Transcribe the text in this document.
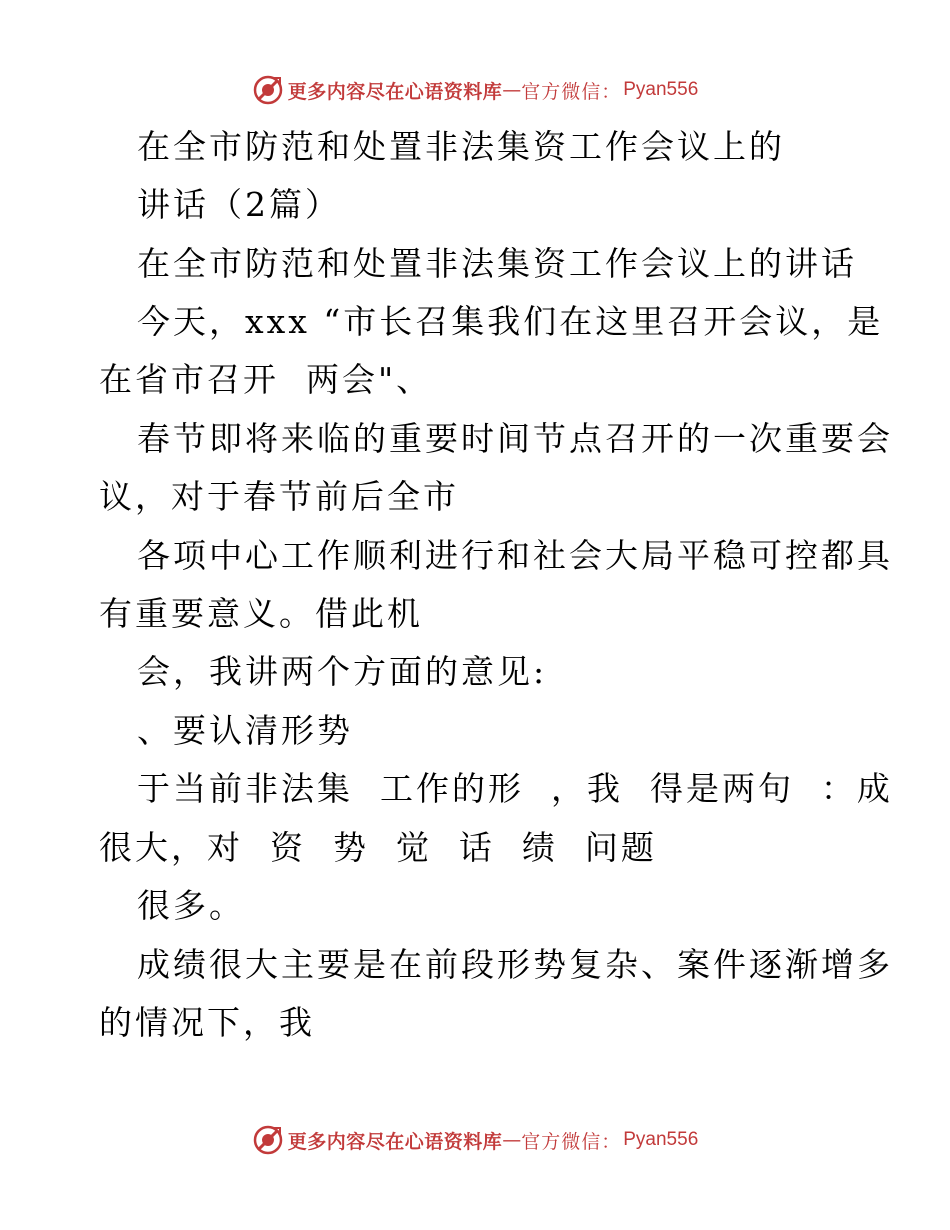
更多内容尽在心语资料库 — 官方微信： Pyan556
在全市防范和处置非法集资工作会议上的
讲话（2篇）
在全市防范和处置非法集资工作会议上的讲话
今天，xxx “市长召集我们在这里召开会议，是
在省市召开  两会"、
春节即将来临的重要时间节点召开的一次重要会
议，对于春节前后全市
各项中心工作顺利进行和社会大局平稳可控都具
有重要意义。借此机
会，我讲两个方面的意见:
、要认清形势
于当前非法集  工作的形  ，我  得是两句  ：成
很大，对  资  势  觉  话  绩  问题
很多。
成绩很大主要是在前段形势复杂、案件逐渐增多
的情况下，我
更多内容尽在心语资料库 — 官方微信： Pyan556
